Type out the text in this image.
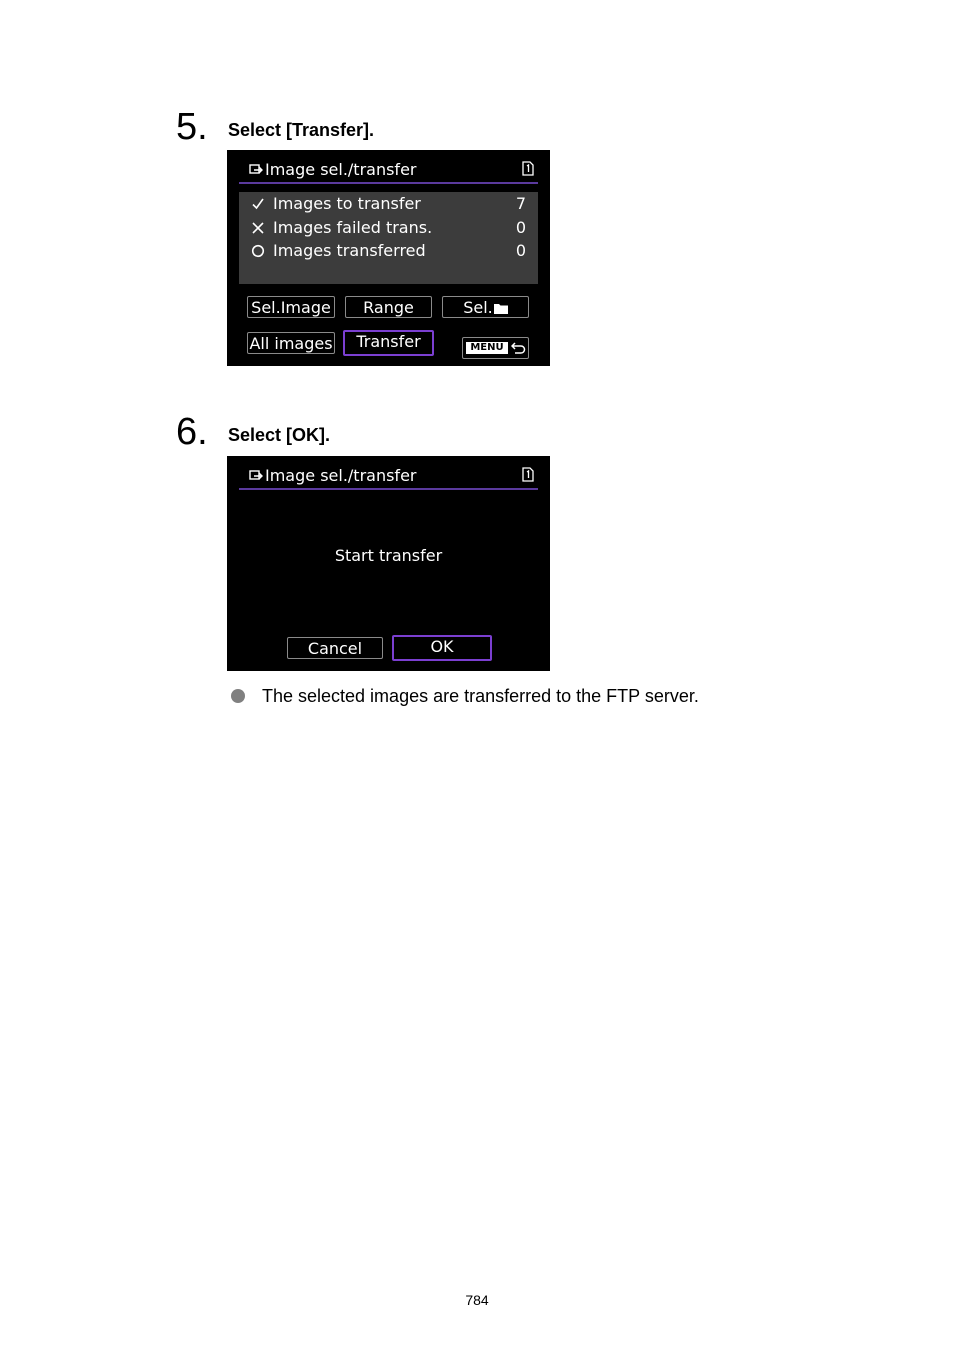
5. Select [Transfer].
Image sel./transfer
Images to transfer	7
Images failed trans.	0
Images transferred	0
Sel.Image	Range	Sel.
All images	Transfer	MENU
6. Select [OK].
Image sel./transfer
Start transfer
Cancel	OK
The selected images are transferred to the FTP server.
784
